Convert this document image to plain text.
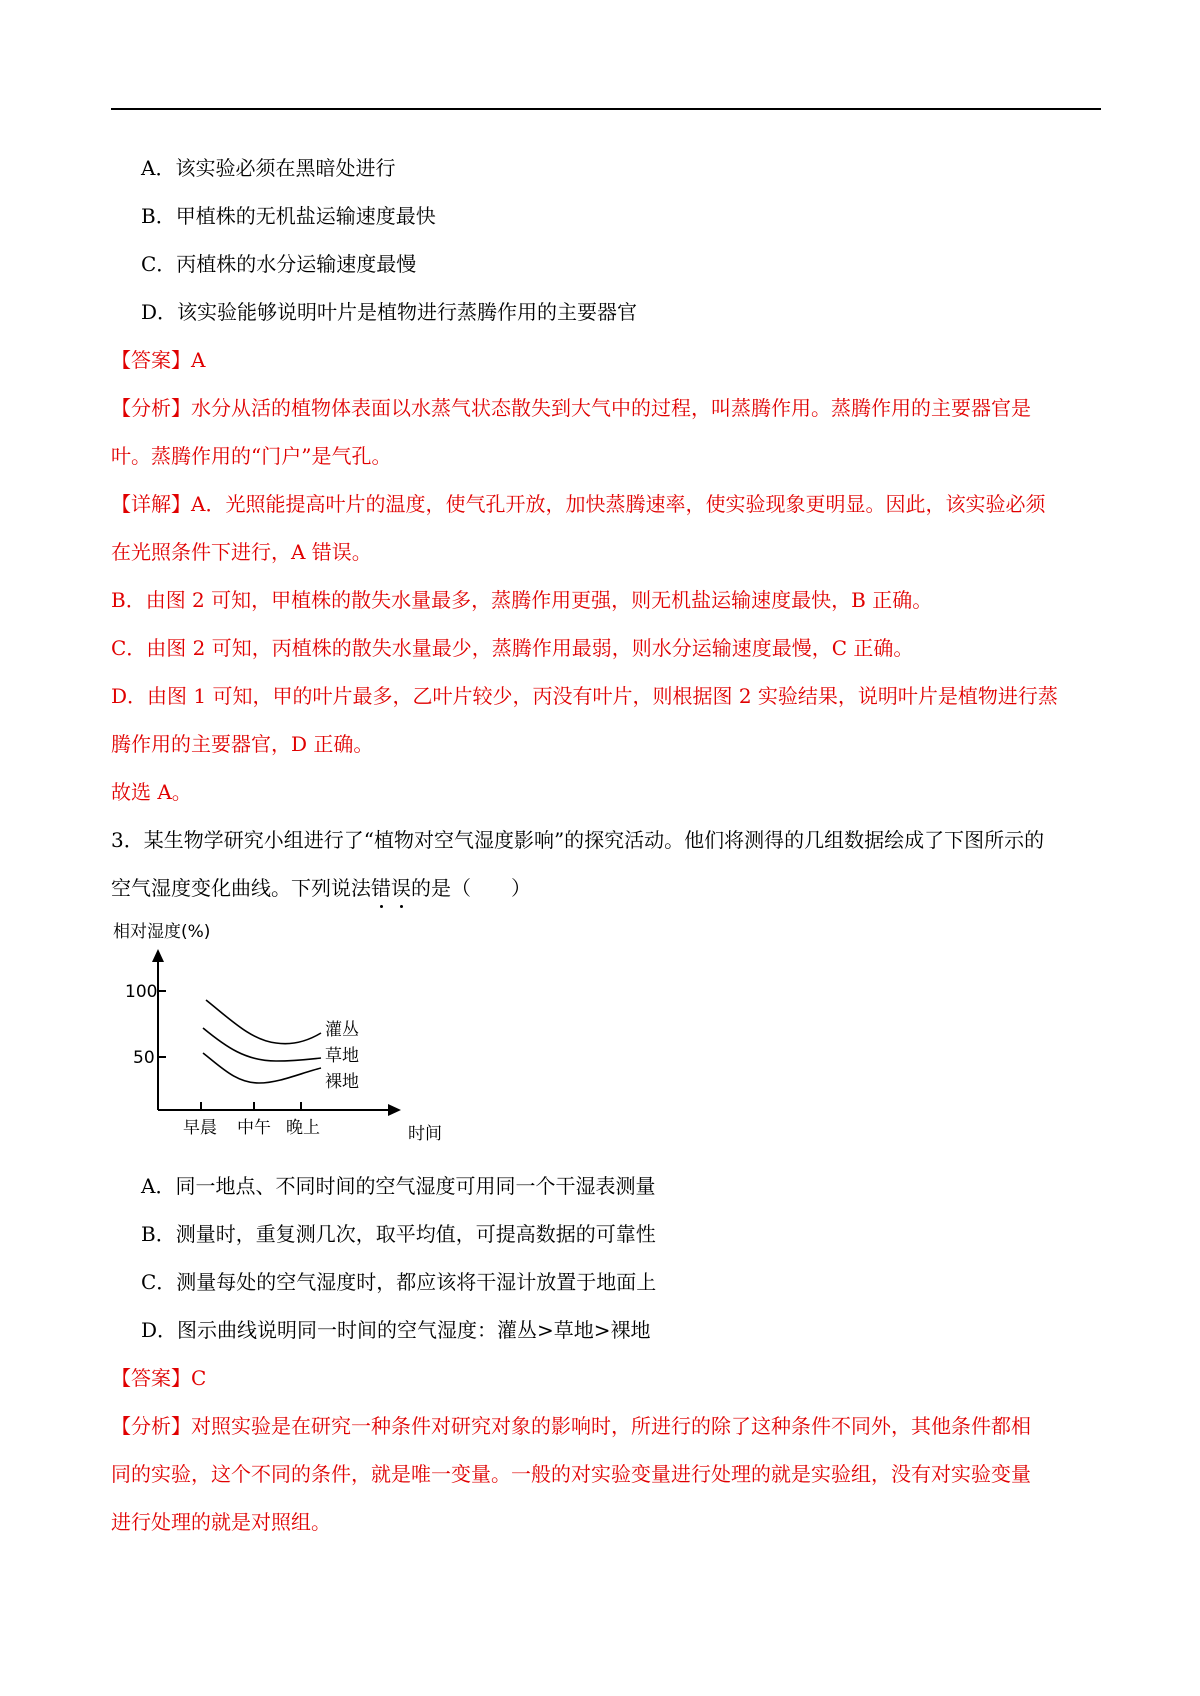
A．该实验必须在黑暗处进行
B．甲植株的无机盐运输速度最快
C．丙植株的水分运输速度最慢
D．该实验能够说明叶片是植物进行蒸腾作用的主要器官
【答案】A
【分析】水分从活的植物体表面以水蒸气状态散失到大气中的过程，叫蒸腾作用。蒸腾作用的主要器官是
叶。蒸腾作用的“门户”是气孔。
【详解】A．光照能提高叶片的温度，使气孔开放，加快蒸腾速率，使实验现象更明显。因此，该实验必须
在光照条件下进行，A 错误。
B．由图 2 可知，甲植株的散失水量最多，蒸腾作用更强，则无机盐运输速度最快，B 正确。
C．由图 2 可知，丙植株的散失水量最少，蒸腾作用最弱，则水分运输速度最慢，C 正确。
D．由图 1 可知，甲的叶片最多，乙叶片较少，丙没有叶片，则根据图 2 实验结果，说明叶片是植物进行蒸
腾作用的主要器官，D 正确。
故选 A。
3．某生物学研究小组进行了“植物对空气湿度影响”的探究活动。他们将测得的几组数据绘成了下图所示的
空气湿度变化曲线。下列说法错误的是（　　）
相对湿度(%)
100
50
早晨 中午 晚上	时间
灌丛
草地
裸地
A．同一地点、不同时间的空气湿度可用同一个干湿表测量
B．测量时，重复测几次，取平均值，可提高数据的可靠性
C．测量每处的空气湿度时，都应该将干湿计放置于地面上
D．图示曲线说明同一时间的空气湿度：灌丛>草地>裸地
【答案】C
【分析】对照实验是在研究一种条件对研究对象的影响时，所进行的除了这种条件不同外，其他条件都相
同的实验，这个不同的条件，就是唯一变量。一般的对实验变量进行处理的就是实验组，没有对实验变量
进行处理的就是对照组。
